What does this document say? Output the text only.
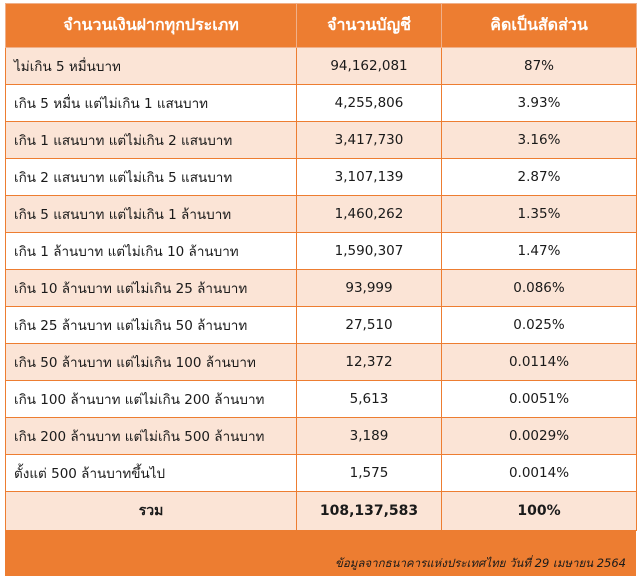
จำนวนเงินฝากทุกประเภท	จำนวนบัญชี	คิดเป็นสัดส่วน
ไม่เกิน 5 หมื่นบาท	94,162,081	87%
เกิน 5 หมื่น แต่ไม่เกิน 1 แสนบาท	4,255,806	3.93%
เกิน 1 แสนบาท แต่ไม่เกิน 2 แสนบาท	3,417,730	3.16%
เกิน 2 แสนบาท แต่ไม่เกิน 5 แสนบาท	3,107,139	2.87%
เกิน 5 แสนบาท แต่ไม่เกิน 1 ล้านบาท	1,460,262	1.35%
เกิน 1 ล้านบาท แต่ไม่เกิน 10 ล้านบาท	1,590,307	1.47%
เกิน 10 ล้านบาท แต่ไม่เกิน 25 ล้านบาท	93,999	0.086%
เกิน 25 ล้านบาท แต่ไม่เกิน 50 ล้านบาท	27,510	0.025%
เกิน 50 ล้านบาท แต่ไม่เกิน 100 ล้านบาท	12,372	0.0114%
เกิน 100 ล้านบาท แต่ไม่เกิน 200 ล้านบาท	5,613	0.0051%
เกิน 200 ล้านบาท แต่ไม่เกิน 500 ล้านบาท	3,189	0.0029%
ตั้งแต่ 500 ล้านบาทขึ้นไป	1,575	0.0014%
รวม	108,137,583	100%
ข้อมูลจากธนาคารแห่งประเทศไทย วันที่ 29 เมษายน 2564
